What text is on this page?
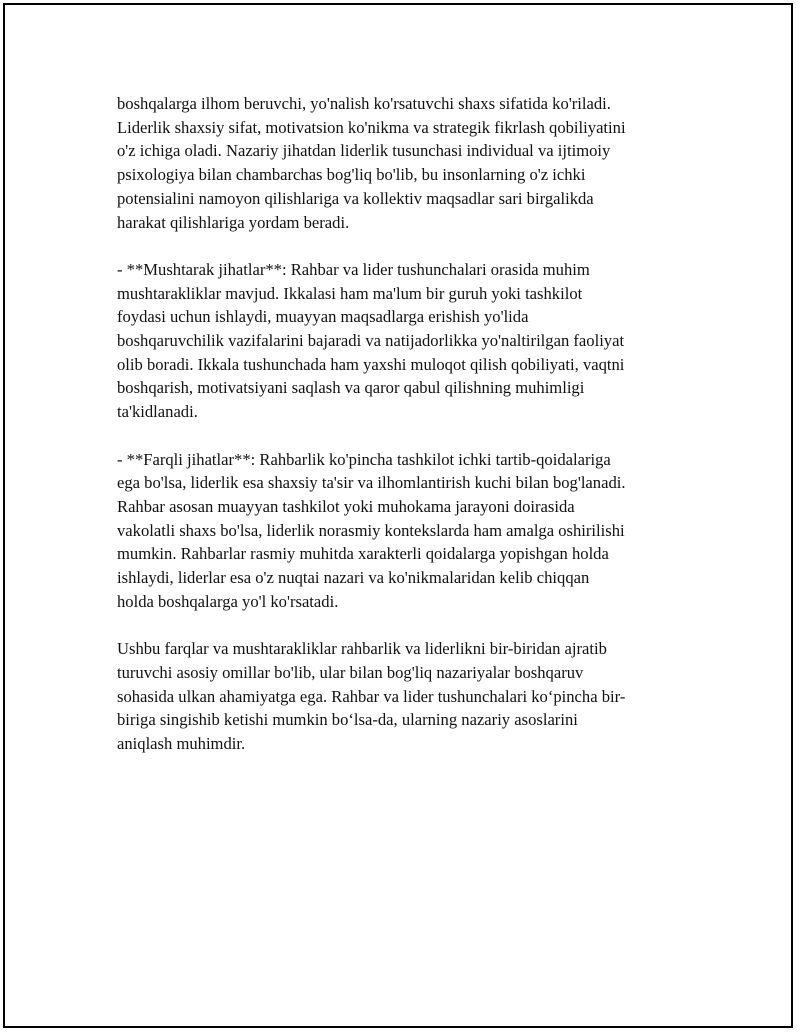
boshqalarga ilhom beruvchi, yo'nalish ko'rsatuvchi shaxs sifatida ko'riladi.
Liderlik shaxsiy sifat, motivatsion ko'nikma va strategik fikrlash qobiliyatini
o'z ichiga oladi. Nazariy jihatdan liderlik tusunchasi individual va ijtimoiy
psixologiya bilan chambarchas bog'liq bo'lib, bu insonlarning o'z ichki
potensialini namoyon qilishlariga va kollektiv maqsadlar sari birgalikda
harakat qilishlariga yordam beradi.

- **Mushtarak jihatlar**: Rahbar va lider tushunchalari orasida muhim
mushtarakliklar mavjud. Ikkalasi ham ma'lum bir guruh yoki tashkilot
foydasi uchun ishlaydi, muayyan maqsadlarga erishish yo'lida
boshqaruvchilik vazifalarini bajaradi va natijadorlikka yo'naltirilgan faoliyat
olib boradi. Ikkala tushunchada ham yaxshi muloqot qilish qobiliyati, vaqtni
boshqarish, motivatsiyani saqlash va qaror qabul qilishning muhimligi
ta'kidlanadi.

- **Farqli jihatlar**: Rahbarlik ko'pincha tashkilot ichki tartib-qoidalariga
ega bo'lsa, liderlik esa shaxsiy ta'sir va ilhomlantirish kuchi bilan bog'lanadi.
Rahbar asosan muayyan tashkilot yoki muhokama jarayoni doirasida
vakolatli shaxs bo'lsa, liderlik norasmiy kontekslarda ham amalga oshirilishi
mumkin. Rahbarlar rasmiy muhitda xarakterli qoidalarga yopishgan holda
ishlaydi, liderlar esa o'z nuqtai nazari va ko'nikmalaridan kelib chiqqan
holda boshqalarga yo'l ko'rsatadi.

Ushbu farqlar va mushtarakliklar rahbarlik va liderlikni bir-biridan ajratib
turuvchi asosiy omillar bo'lib, ular bilan bog'liq nazariyalar boshqaruv
sohasida ulkan ahamiyatga ega. Rahbar va lider tushunchalari ko‘pincha bir-
biriga singishib ketishi mumkin bo‘lsa-da, ularning nazariy asoslarini
aniqlash muhimdir.
